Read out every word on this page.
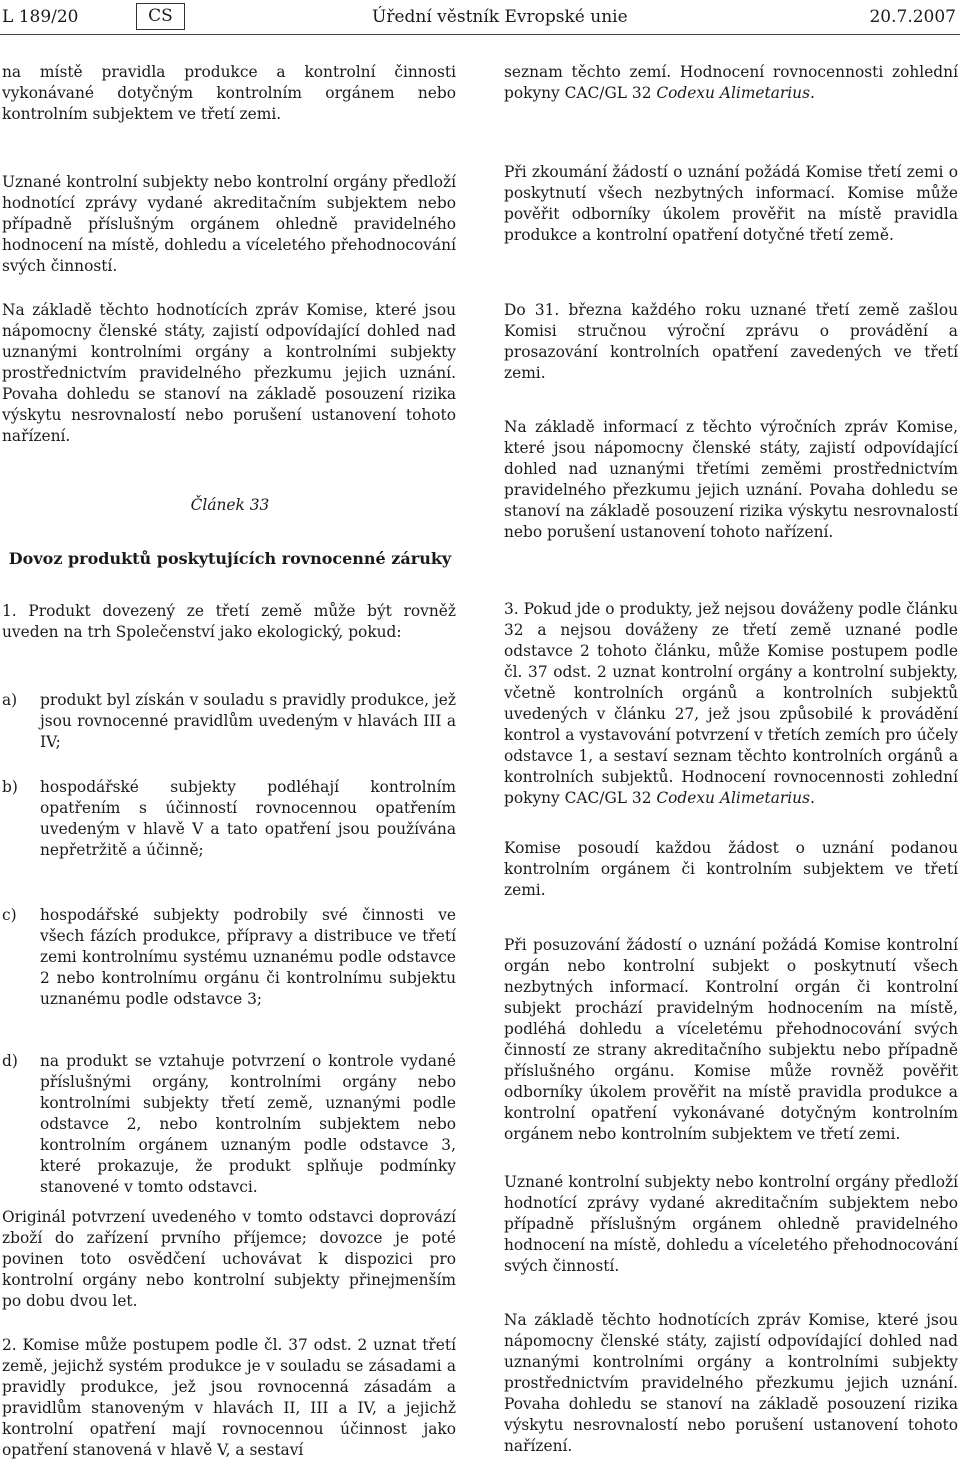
L 189/20	CS	Úřední věstník Evropské unie	20.7.2007

na místě pravidla produkce a kontrolní činnosti vykonávané dotyčným kontrolním orgánem nebo kontrolním subjektem ve třetí zemi.

Uznané kontrolní subjekty nebo kontrolní orgány předloží hodnotící zprávy vydané akreditačním subjektem nebo případně příslušným orgánem ohledně pravidelného hodnocení na místě, dohledu a víceletého přehodnocování svých činností.

Na základě těchto hodnotících zpráv Komise, které jsou nápomocny členské státy, zajistí odpovídající dohled nad uznanými kontrolními orgány a kontrolními subjekty prostřednictvím pravidelného přezkumu jejich uznání. Povaha dohledu se stanoví na základě posouzení rizika výskytu nesrovnalostí nebo porušení ustanovení tohoto nařízení.

Článek 33

Dovoz produktů poskytujících rovnocenné záruky

1. Produkt dovezený ze třetí země může být rovněž uveden na trh Společenství jako ekologický, pokud:

a) produkt byl získán v souladu s pravidly produkce, jež jsou rovnocenné pravidlům uvedeným v hlavách III a IV;
b) hospodářské subjekty podléhají kontrolním opatřením s účinností rovnocennou opatřením uvedeným v hlavě V a tato opatření jsou používána nepřetržitě a účinně;
c) hospodářské subjekty podrobily své činnosti ve všech fázích produkce, přípravy a distribuce ve třetí zemi kontrolnímu systému uznanému podle odstavce 2 nebo kontrolnímu orgánu či kontrolnímu subjektu uznanému podle odstavce 3;
d) na produkt se vztahuje potvrzení o kontrole vydané příslušnými orgány, kontrolními orgány nebo kontrolními subjekty třetí země, uznanými podle odstavce 2, nebo kontrolním subjektem nebo kontrolním orgánem uznaným podle odstavce 3, které prokazuje, že produkt splňuje podmínky stanovené v tomto odstavci.

Originál potvrzení uvedeného v tomto odstavci doprovází zboží do zařízení prvního příjemce; dovozce je poté povinen toto osvědčení uchovávat k dispozici pro kontrolní orgány nebo kontrolní subjekty přinejmenším po dobu dvou let.

2. Komise může postupem podle čl. 37 odst. 2 uznat třetí země, jejichž systém produkce je v souladu se zásadami a pravidly produkce, jež jsou rovnocenná zásadám a pravidlům stanoveným v hlavách II, III a IV, a jejichž kontrolní opatření mají rovnocennou účinnost jako opatření stanovená v hlavě V, a sestaví

seznam těchto zemí. Hodnocení rovnocennosti zohlední pokyny CAC/GL 32 Codexu Alimetarius.

Při zkoumání žádostí o uznání požádá Komise třetí zemi o poskytnutí všech nezbytných informací. Komise může pověřit odborníky úkolem prověřit na místě pravidla produkce a kontrolní opatření dotyčné třetí země.

Do 31. března každého roku uznané třetí země zašlou Komisi stručnou výroční zprávu o provádění a prosazování kontrolních opatření zavedených ve třetí zemi.

Na základě informací z těchto výročních zpráv Komise, které jsou nápomocny členské státy, zajistí odpovídající dohled nad uznanými třetími zeměmi prostřednictvím pravidelného přezkumu jejich uznání. Povaha dohledu se stanoví na základě posouzení rizika výskytu nesrovnalostí nebo porušení ustanovení tohoto nařízení.

3. Pokud jde o produkty, jež nejsou dováženy podle článku 32 a nejsou dováženy ze třetí země uznané podle odstavce 2 tohoto článku, může Komise postupem podle čl. 37 odst. 2 uznat kontrolní orgány a kontrolní subjekty, včetně kontrolních orgánů a kontrolních subjektů uvedených v článku 27, jež jsou způsobilé k provádění kontrol a vystavování potvrzení v třetích zemích pro účely odstavce 1, a sestaví seznam těchto kontrolních orgánů a kontrolních subjektů. Hodnocení rovnocennosti zohlední pokyny CAC/GL 32 Codexu Alimetarius.

Komise posoudí každou žádost o uznání podanou kontrolním orgánem či kontrolním subjektem ve třetí zemi.

Při posuzování žádostí o uznání požádá Komise kontrolní orgán nebo kontrolní subjekt o poskytnutí všech nezbytných informací. Kontrolní orgán či kontrolní subjekt prochází pravidelným hodnocením na místě, podléhá dohledu a víceletému přehodnocování svých činností ze strany akreditačního subjektu nebo případně příslušného orgánu. Komise může rovněž pověřit odborníky úkolem prověřit na místě pravidla produkce a kontrolní opatření vykonávané dotyčným kontrolním orgánem nebo kontrolním subjektem ve třetí zemi.

Uznané kontrolní subjekty nebo kontrolní orgány předloží hodnotící zprávy vydané akreditačním subjektem nebo případně příslušným orgánem ohledně pravidelného hodnocení na místě, dohledu a víceletého přehodnocování svých činností.

Na základě těchto hodnotících zpráv Komise, které jsou nápomocny členské státy, zajistí odpovídající dohled nad uznanými kontrolními orgány a kontrolními subjekty prostřednictvím pravidelného přezkumu jejich uznání. Povaha dohledu se stanoví na základě posouzení rizika výskytu nesrovnalostí nebo porušení ustanovení tohoto nařízení.
